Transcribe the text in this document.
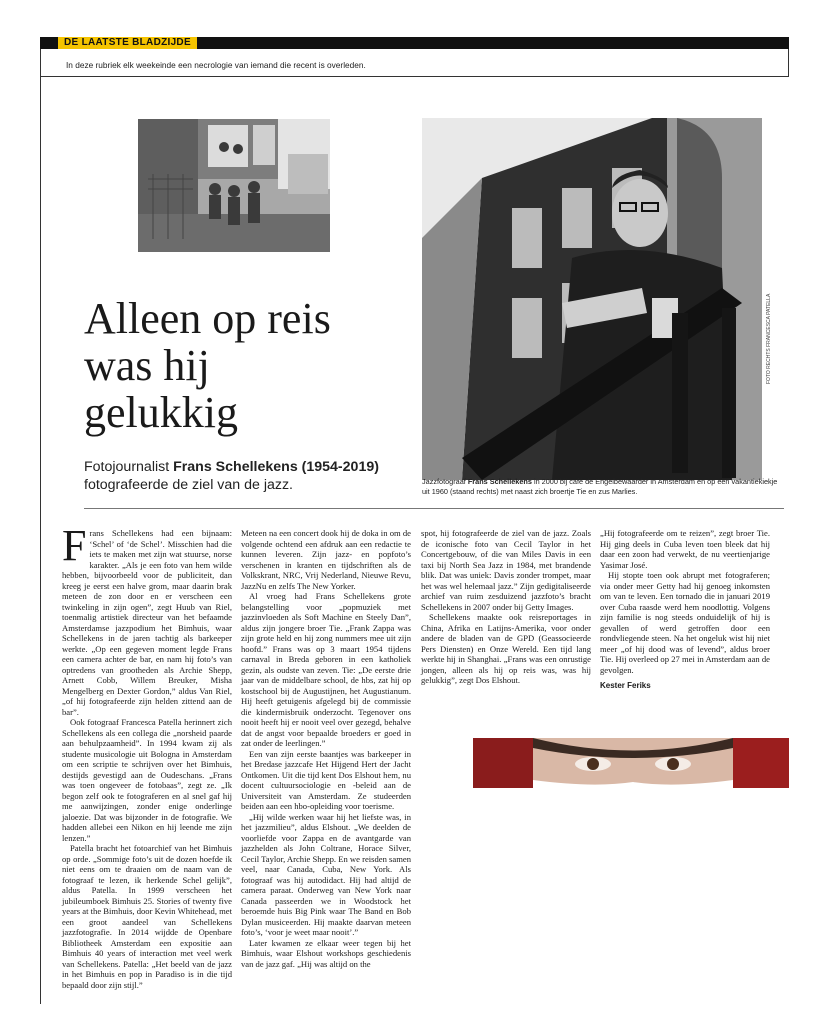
DE LAATSTE BLADZIJDE
In deze rubriek elk weekeinde een necrologie van iemand die recent is overleden.
FOTO RECHTS FRANCESCA PATELLA
Alleen op reis
was hij
gelukkig
Fotojournalist Frans Schellekens (1954-2019)
fotografeerde de ziel van de jazz.	Jazzfotograaf Frans Schellekens in 2000 bij café de Engelbewaarder in Amsterdam en op een vakantiekiekje uit 1960 (staand rechts) met naast zich broertje Tie en zus Marlies.

Frans Schellekens had een bijnaam: ‘Schel’ of ‘de Schel’. Misschien had die iets te maken met zijn wat stuurse, norse karakter. „Als je een foto van hem wilde hebben, bijvoorbeeld voor de publiciteit, dan kreeg je eerst een halve grom, maar daarin brak meteen de zon door en er verscheen een twinkeling in zijn ogen”, zegt Huub van Riel, toenmalig artistiek directeur van het befaamde Amsterdamse jazzpodium het Bimhuis, waar Schellekens in de jaren tachtig als barkeeper werkte. „Op een gegeven moment legde Frans een camera achter de bar, en nam hij foto’s van optredens van grootheden als Archie Shepp, Arnett Cobb, Willem Breuker, Misha Mengelberg en Dexter Gordon,” aldus Van Riel, „of hij fotografeerde zijn helden zittend aan de bar”.

Ook fotograaf Francesca Patella herinnert zich Schellekens als een collega die „norsheid paarde aan behulpzaamheid”. In 1994 kwam zij als studente musicologie uit Bologna in Amsterdam om een scriptie te schrijven over het Bimhuis, destijds gevestigd aan de Oudeschans. „Frans was toen ongeveer de fotobaas”, zegt ze. „Ik begon zelf ook te fotograferen en al snel gaf hij me aanwijzingen, zonder enige onderlinge jaloezie. Dat was bijzonder in de fotografie. We hadden allebei een Nikon en hij leende me zijn lenzen.”

Patella bracht het fotoarchief van het Bimhuis op orde. „Sommige foto’s uit de dozen hoefde ik niet eens om te draaien om de naam van de fotograaf te lezen, ik herkende Schel gelijk”, aldus Patella. In 1999 verscheen het jubileumboek Bimhuis 25. Stories of twenty five years at the Bimhuis, door Kevin Whitehead, met een groot aandeel van Schellekens jazzfotografie. In 2014 wijdde de Openbare Bibliotheek Amsterdam een expositie aan Bimhuis 40 years of interaction met veel werk van Schellekens. Patella: „Het beeld van de jazz in het Bimhuis en pop in Paradiso is in die tijd bepaald door zijn stijl.”

Meteen na een concert dook hij de doka in om de volgende ochtend een afdruk aan een redactie te kunnen leveren. Zijn jazz- en popfoto’s verschenen in kranten en tijdschriften als de Volkskrant, NRC, Vrij Nederland, Nieuwe Revu, JazzNu en zelfs The New Yorker.

Al vroeg had Frans Schellekens grote belangstelling voor „popmuziek met jazzinvloeden als Soft Machine en Steely Dan”, aldus zijn jongere broer Tie. „Frank Zappa was zijn grote held en hij zong nummers mee uit zijn hoofd.” Frans was op 3 maart 1954 tijdens carnaval in Breda geboren in een katholiek gezin, als oudste van zeven. Tie: „De eerste drie jaar van de middelbare school, de hbs, zat hij op kostschool bij de Augustijnen, het Augustianum. Hij heeft getuigenis afgelegd bij de commissie die kindermisbruik onderzocht. Tegenover ons nooit heeft hij er nooit veel over gezegd, behalve dat de angst voor bepaalde broeders er goed in zat onder de leerlingen.”

Een van zijn eerste baantjes was barkeeper in het Bredase jazzcafe Het Hijgend Hert der Jacht Ontkomen. Uit die tijd kent Dos Elshout hem, nu docent cultuursociologie en -beleid aan de Universiteit van Amsterdam. Ze studeerden beiden aan een hbo-opleiding voor toerisme.

„Hij wilde werken waar hij het liefste was, in het jazzmilieu”, aldus Elshout. „We deelden de voorliefde voor Zappa en de avantgarde van jazzhelden als John Coltrane, Horace Silver, Cecil Taylor, Archie Shepp. En we reisden samen veel, naar Canada, Cuba, New York. Als fotograaf was hij autodidact. Hij had altijd de camera paraat. Onderweg van New York naar Canada passeerden we in Woodstock het beroemde huis Big Pink waar The Band en Bob Dylan musiceerden. Hij maakte daarvan meteen foto’s, ‘voor je weet maar nooit’.”

Later kwamen ze elkaar weer tegen bij het Bimhuis, waar Elshout workshops geschiedenis van de jazz gaf. „Hij was altijd on the

spot, hij fotografeerde de ziel van de jazz. Zoals de iconische foto van Cecil Taylor in het Concertgebouw, of die van Miles Davis in een taxi bij North Sea Jazz in 1984, met brandende blik. Dat was uniek: Davis zonder trompet, maar het was wel helemaal jazz.” Zijn gedigitaliseerde archief van ruim zesduizend jazzfoto’s bracht Schellekens in 2007 onder bij Getty Images.

Schellekens maakte ook reisreportages in China, Afrika en Latijns-Amerika, voor onder andere de bladen van de GPD (Geassocieerde Pers Diensten) en Onze Wereld. Een tijd lang werkte hij in Shanghai. „Frans was een onrustige jongen, alleen als hij op reis was, was hij gelukkig”, zegt Dos Elshout.

„Hij fotografeerde om te reizen”, zegt broer Tie. Hij ging deels in Cuba leven toen bleek dat hij daar een zoon had verwekt, de nu veertienjarige Yasimar José.

Hij stopte toen ook abrupt met fotograferen; via onder meer Getty had hij genoeg inkomsten om van te leven. Een tornado die in januari 2019 over Cuba raasde werd hem noodlottig. Volgens zijn familie is nog steeds onduidelijk of hij is gevallen of werd getroffen door een rondvliegende steen. Na het ongeluk wist hij niet meer „of hij dood was of levend”, aldus broer Tie. Hij overleed op 27 mei in Amsterdam aan de gevolgen.

Kester Feriks
